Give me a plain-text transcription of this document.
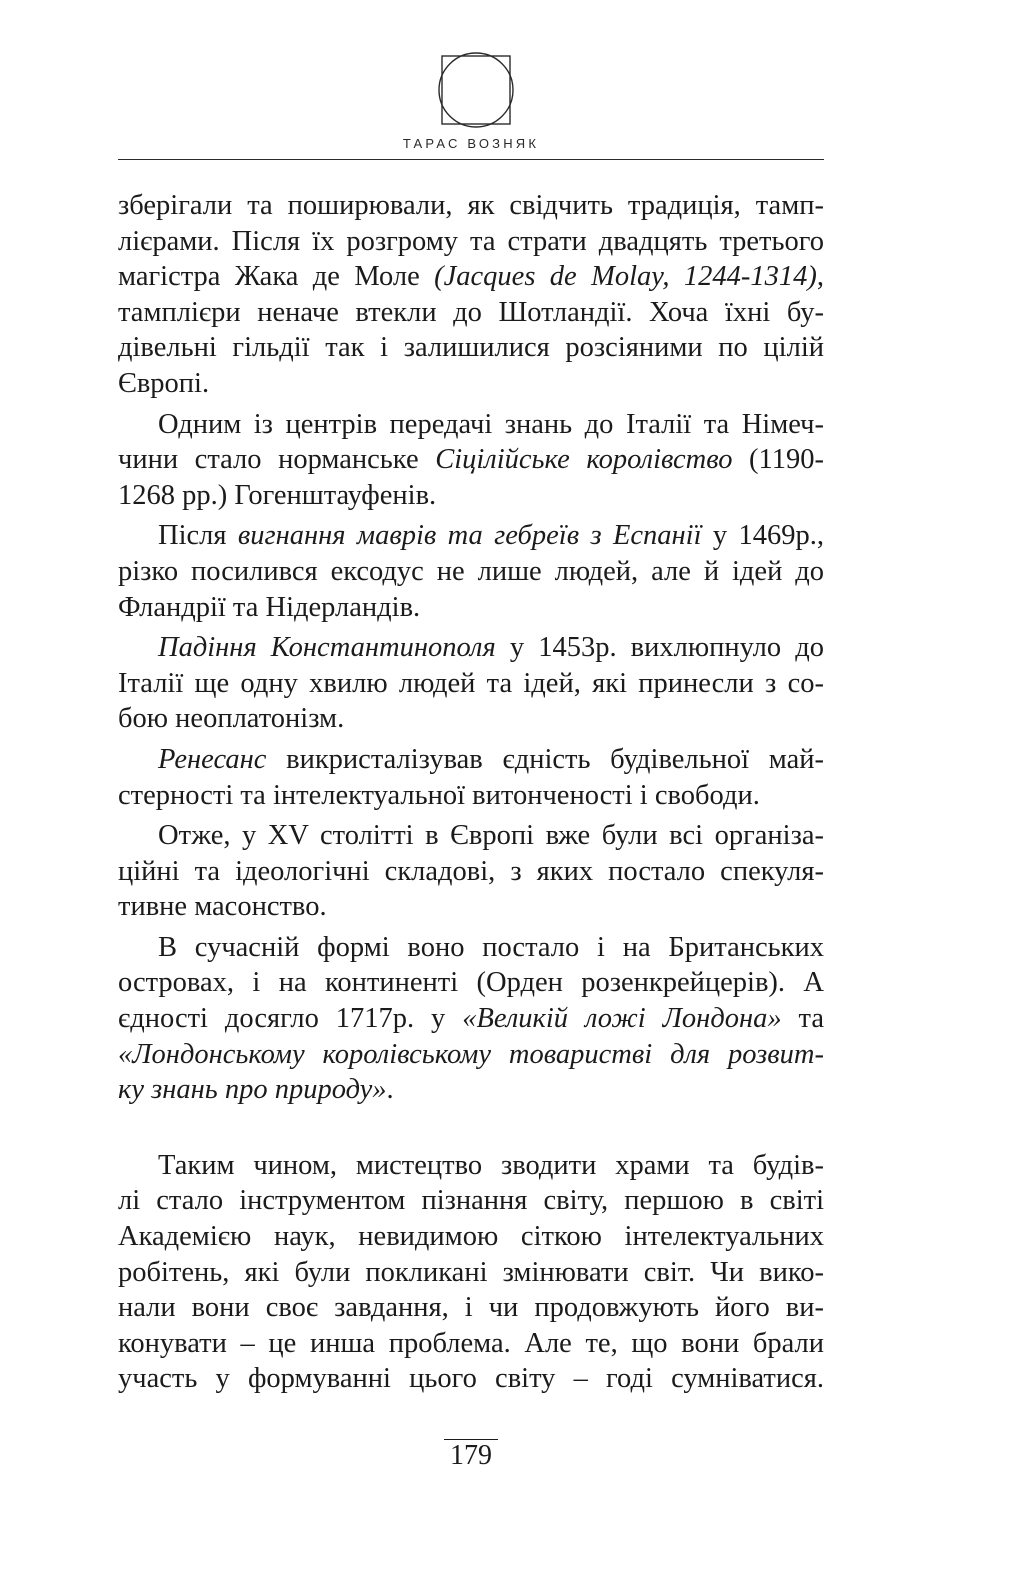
ТАРАС ВОЗНЯК

зберігали та поширювали, як свідчить традиція, тамп-
лієрами. Після їх розгрому та страти двадцять третього
магістра Жака де Моле (Jacques de Molay, 1244-1314),
тамплієри неначе втекли до Шотландії. Хоча їхні бу-
дівельні гільдії так і залишилися розсіяними по цілій
Європі.

Одним із центрів передачі знань до Італії та Німеч-
чини стало норманське Сіцілійське королівство (1190-
1268 рр.) Гогенштауфенів.

Після вигнання маврів та гебреїв з Еспанії у 1469р.,
різко посилився ексодус не лише людей, але й ідей до
Фландрії та Нідерландів.

Падіння Константинополя у 1453р. вихлюпнуло до
Італії ще одну хвилю людей та ідей, які принесли з со-
бою неоплатонізм.

Ренесанс викристалізував єдність будівельної май-
стерності та інтелектуальної витонченості і свободи.

Отже, у XV столітті в Європі вже були всі організа-
ційні та ідеологічні складові, з яких постало спекуля-
тивне масонство.

В сучасній формі воно постало і на Британських
островах, і на континенті (Орден розенкрейцерів). А
єдності досягло 1717р. у «Великій ложі Лондона» та
«Лондонському королівському товаристві для розвит-
ку знань про природу».

Таким чином, мистецтво зводити храми та будів-
лі стало інструментом пізнання світу, першою в світі
Академією наук, невидимою сіткою інтелектуальних
робітень, які були покликані змінювати світ. Чи вико-
нали вони своє завдання, і чи продовжують його ви-
конувати – це инша проблема. Але те, що вони брали
участь у формуванні цього світу – годі сумніватися.

179
